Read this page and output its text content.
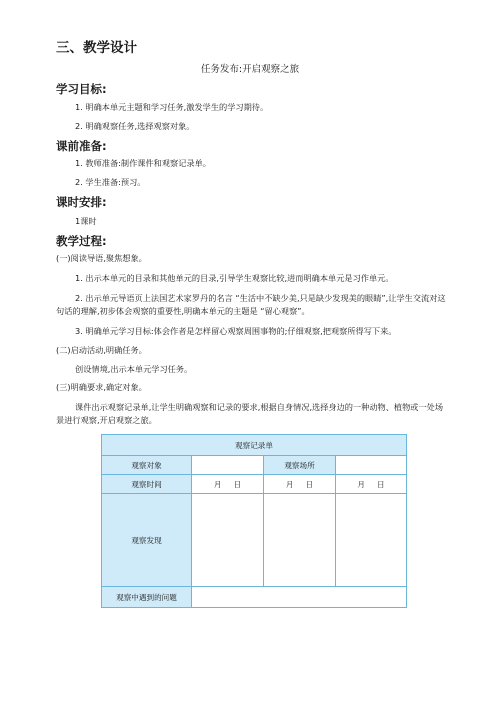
三、教学设计
任务发布:开启观察之旅
学习目标:
1. 明确本单元主题和学习任务,激发学生的学习期待。
2. 明确观察任务,选择观察对象。
课前准备:
1. 教师准备:制作课件和观察记录单。
2. 学生准备:预习。
课时安排:
1课时
教学过程:
(一)阅读导语,聚焦想象。
1. 出示本单元的目录和其他单元的目录,引导学生观察比较,进而明确本单元是习作单元。
2. 出示单元导语页上法国艺术家罗丹的名言 “生活中不缺少美,只是缺少发现美的眼睛”,让学生交流对这句话的理解,初步体会观察的重要性,明确本单元的主题是 “留心观察”。
3. 明确单元学习目标:体会作者是怎样留心观察周围事物的;仔细观察,把观察所得写下来。
(二)启动活动,明确任务。
创设情境,出示本单元学习任务。
(三)明确要求,确定对象。
课件出示观察记录单,让学生明确观察和记录的要求,根据自身情况,选择身边的一种动物、植物或一处场景进行观察,开启观察之旅。
观察记录单			
观察对象		观察场所	
观察时间	月 日	月 日	月 日
观察发现			
观察中遇到的问题			
